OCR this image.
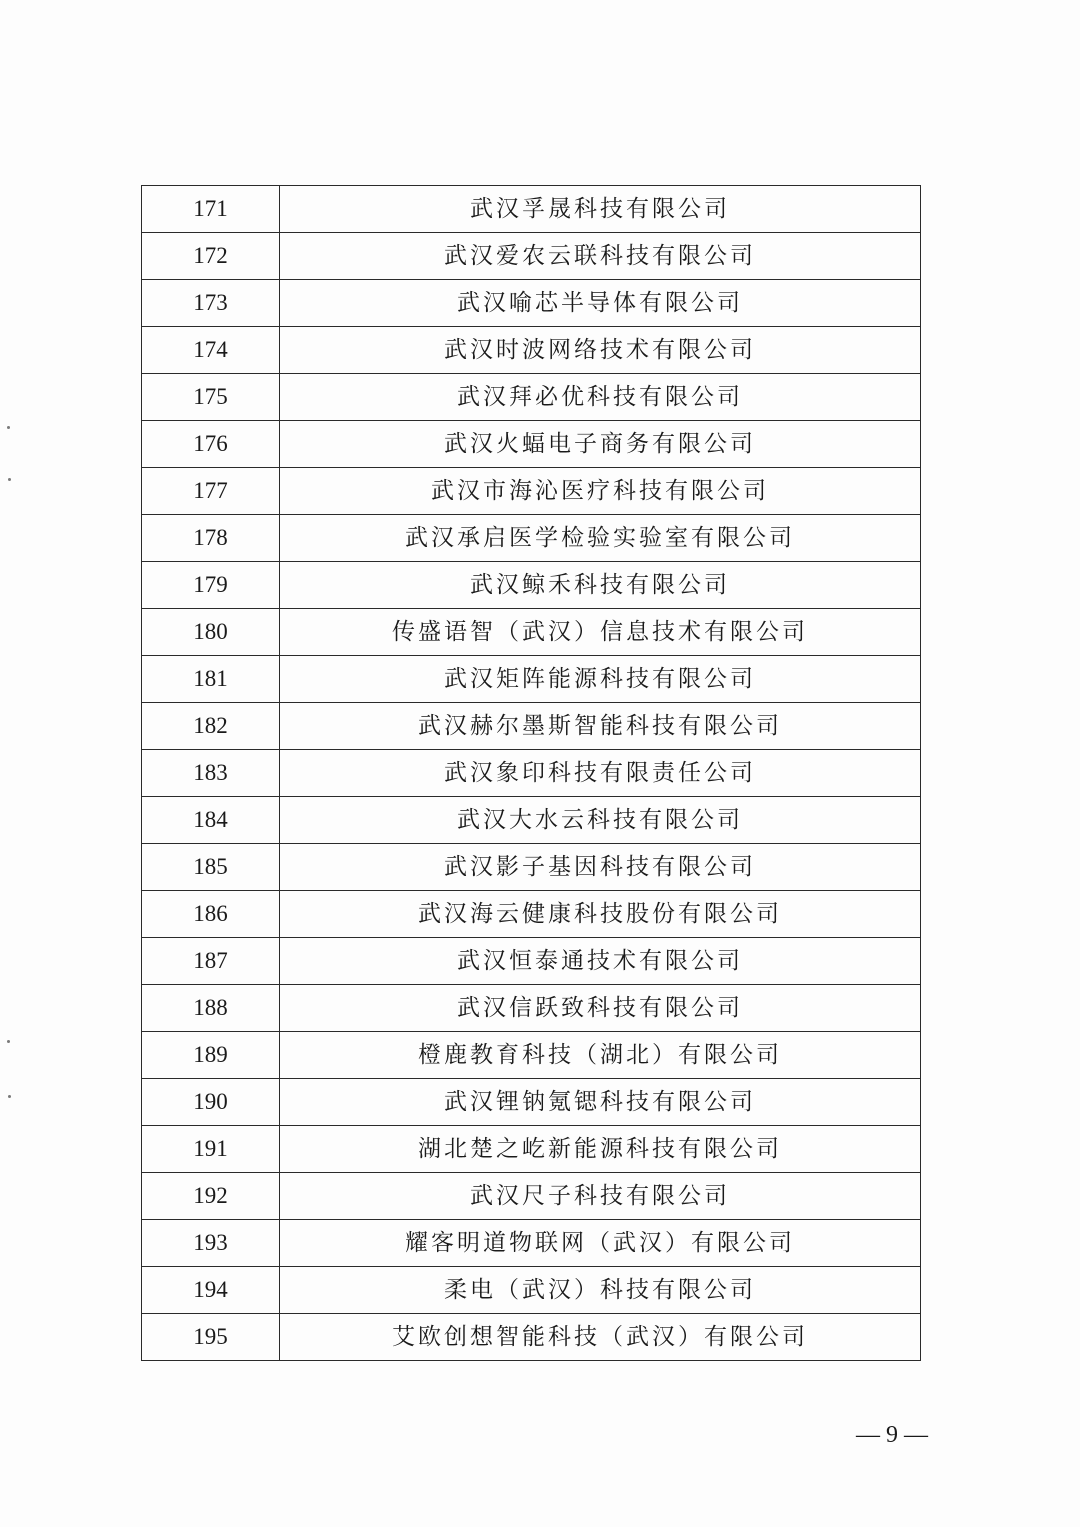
171	武汉孚晟科技有限公司
172	武汉爱农云联科技有限公司
173	武汉喻芯半导体有限公司
174	武汉时波网络技术有限公司
175	武汉拜必优科技有限公司
176	武汉火蝠电子商务有限公司
177	武汉市海沁医疗科技有限公司
178	武汉承启医学检验实验室有限公司
179	武汉鲸禾科技有限公司
180	传盛语智（武汉）信息技术有限公司
181	武汉矩阵能源科技有限公司
182	武汉赫尔墨斯智能科技有限公司
183	武汉象印科技有限责任公司
184	武汉大水云科技有限公司
185	武汉影子基因科技有限公司
186	武汉海云健康科技股份有限公司
187	武汉恒泰通技术有限公司
188	武汉信跃致科技有限公司
189	橙鹿教育科技（湖北）有限公司
190	武汉锂钠氪锶科技有限公司
191	湖北楚之屹新能源科技有限公司
192	武汉尺子科技有限公司
193	耀客明道物联网（武汉）有限公司
194	柔电（武汉）科技有限公司
195	艾欧创想智能科技（武汉）有限公司
— 9 —
